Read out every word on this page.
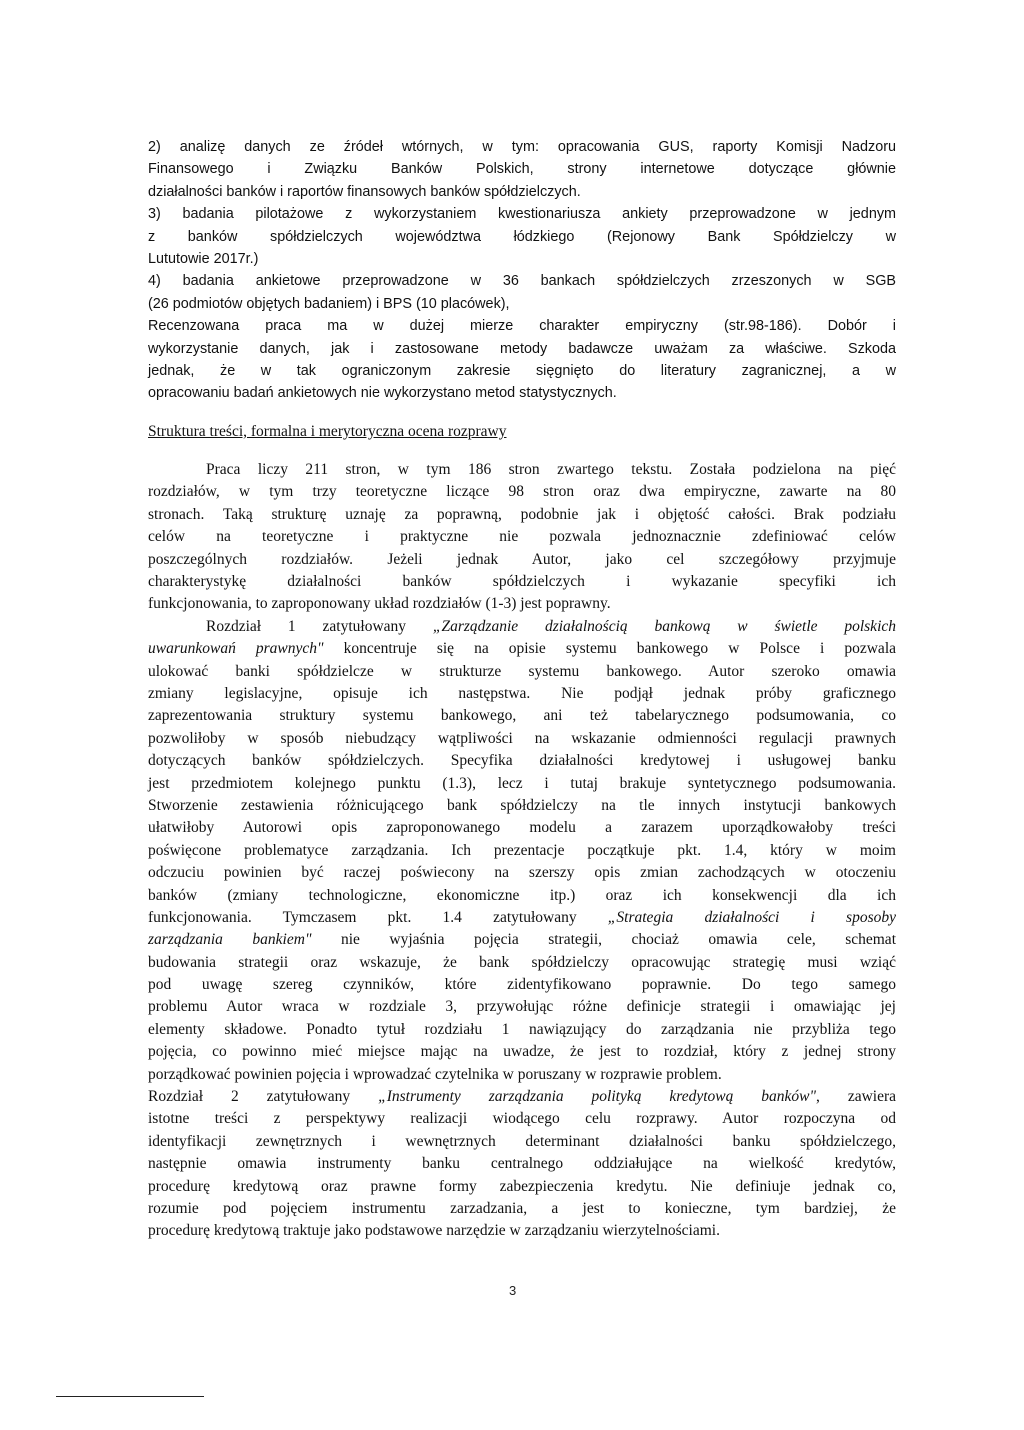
2) analizę danych ze źródeł wtórnych, w tym: opracowania GUS, raporty Komisji Nadzoru
Finansowego i Związku Banków Polskich, strony internetowe dotyczące głównie
działalności banków i raportów finansowych banków spółdzielczych.
3) badania pilotażowe z wykorzystaniem kwestionariusza ankiety przeprowadzone w jednym
z banków spółdzielczych województwa łódzkiego (Rejonowy Bank Spółdzielczy w
Lututowie 2017r.)
4) badania ankietowe przeprowadzone w 36 bankach spółdzielczych zrzeszonych w SGB
(26 podmiotów objętych badaniem) i BPS (10 placówek),
Recenzowana praca ma w dużej mierze charakter empiryczny (str.98-186). Dobór i
wykorzystanie danych, jak i zastosowane metody badawcze uważam za właściwe. Szkoda
jednak, że w tak ograniczonym zakresie sięgnięto do literatury zagranicznej, a w
opracowaniu badań ankietowych nie wykorzystano metod statystycznych.
Struktura treści, formalna i merytoryczna ocena rozprawy
Praca liczy 211 stron, w tym 186 stron zwartego tekstu. Została podzielona na pięć
rozdziałów, w tym trzy teoretyczne liczące 98 stron oraz dwa empiryczne, zawarte na 80
stronach. Taką strukturę uznaję za poprawną, podobnie jak i objętość całości. Brak podziału
celów na teoretyczne i praktyczne nie pozwala jednoznacznie zdefiniować celów
poszczególnych rozdziałów. Jeżeli jednak Autor, jako cel szczegółowy przyjmuje
charakterystykę działalności banków spółdzielczych i wykazanie specyfiki ich
funkcjonowania, to zaproponowany układ rozdziałów (1-3) jest poprawny.
Rozdział 1 zatytułowany „Zarządzanie działalnością bankową w świetle polskich
uwarunkowań prawnych" koncentruje się na opisie systemu bankowego w Polsce i pozwala
ulokować banki spółdzielcze w strukturze systemu bankowego. Autor szeroko omawia
zmiany legislacyjne, opisuje ich następstwa. Nie podjął jednak próby graficznego
zaprezentowania struktury systemu bankowego, ani też tabelarycznego podsumowania, co
pozwoliłoby w sposób niebudzący wątpliwości na wskazanie odmienności regulacji prawnych
dotyczących banków spółdzielczych. Specyfika działalności kredytowej i usługowej banku
jest przedmiotem kolejnego punktu (1.3), lecz i tutaj brakuje syntetycznego podsumowania.
Stworzenie zestawienia różnicującego bank spółdzielczy na tle innych instytucji bankowych
ułatwiłoby Autorowi opis zaproponowanego modelu a zarazem uporządkowałoby treści
poświęcone problematyce zarządzania. Ich prezentacje początkuje pkt. 1.4, który w moim
odczuciu powinien być raczej poświecony na szerszy opis zmian zachodzących w otoczeniu
banków (zmiany technologiczne, ekonomiczne itp.) oraz ich konsekwencji dla ich
funkcjonowania. Tymczasem pkt. 1.4 zatytułowany „Strategia działalności i sposoby
zarządzania bankiem" nie wyjaśnia pojęcia strategii, chociaż omawia cele, schemat
budowania strategii oraz wskazuje, że bank spółdzielczy opracowując strategię musi wziąć
pod uwagę szereg czynników, które zidentyfikowano poprawnie. Do tego samego
problemu Autor wraca w rozdziale 3, przywołując różne definicje strategii i omawiając jej
elementy składowe. Ponadto tytuł rozdziału 1 nawiązujący do zarządzania nie przybliża tego
pojęcia, co powinno mieć miejsce mając na uwadze, że jest to rozdział, który z jednej strony
porządkować powinien pojęcia i wprowadzać czytelnika w poruszany w rozprawie problem.
Rozdział 2 zatytułowany „Instrumenty zarządzania polityką kredytową banków", zawiera
istotne treści z perspektywy realizacji wiodącego celu rozprawy. Autor rozpoczyna od
identyfikacji zewnętrznych i wewnętrznych determinant działalności banku spółdzielczego,
następnie omawia instrumenty banku centralnego oddziałujące na wielkość kredytów,
procedurę kredytową oraz prawne formy zabezpieczenia kredytu. Nie definiuje jednak co,
rozumie pod pojęciem instrumentu zarzadzania, a jest to konieczne, tym bardziej, że
procedurę kredytową traktuje jako podstawowe narzędzie w zarządzaniu wierzytelnościami.
3
